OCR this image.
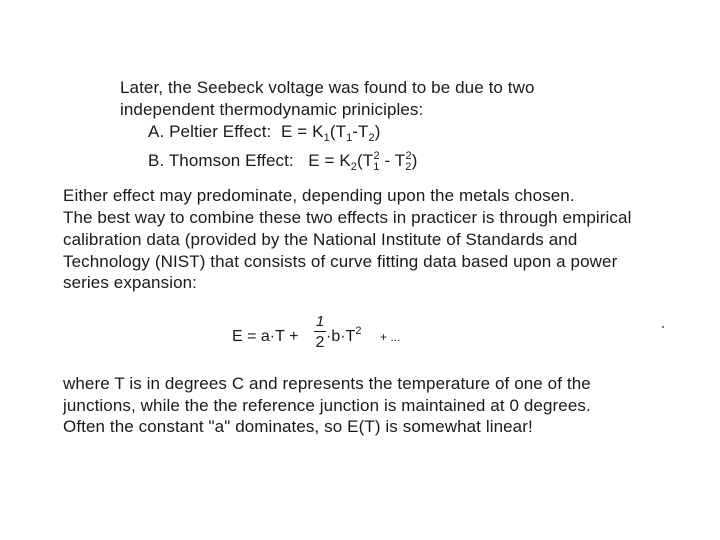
Later, the Seebeck voltage was found to be due to two
independent thermodynamic priniciples:
A. Peltier Effect: $E = K_1(T_1-T_2)$
B. Thomson Effect: $E = K_2(T_1^2 - T_2^2)$
Either effect may predominate, depending upon the metals chosen.
The best way to combine these two effects in practicer is through empirical
calibration data (provided by the National Institute of Standards and
Technology (NIST) that consists of curve fitting data based upon a power
series expansion:
E = a·T +
1
$2 \cdot b\cdot T^2$ + ...
where T is in degrees C and represents the temperature of one of the
junctions, while the the reference junction is maintained at 0 degrees.
Often the constant "a" dominates, so E(T) is somewhat linear!
